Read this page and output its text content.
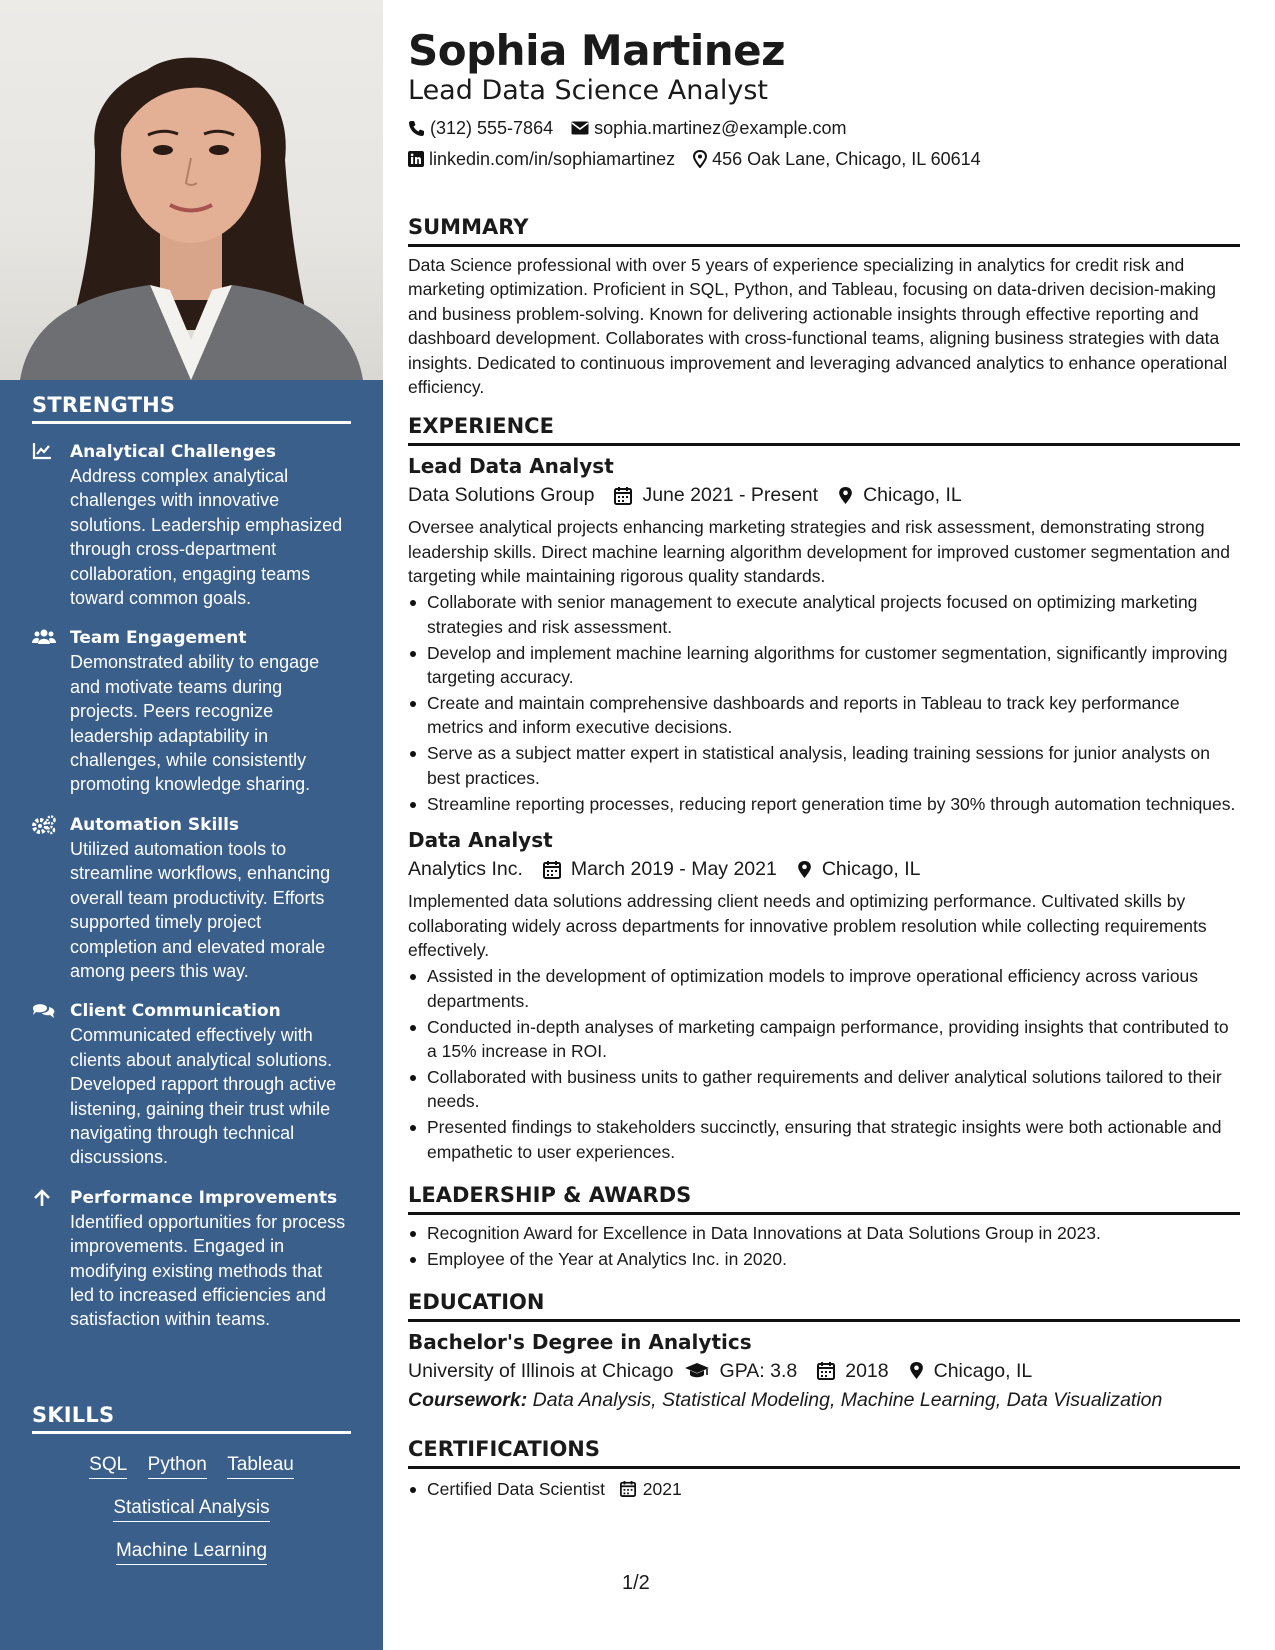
STRENGTHS
Analytical Challenges
Address complex analytical challenges with innovative solutions. Leadership emphasized through cross-department collaboration, engaging teams toward common goals.
Team Engagement
Demonstrated ability to engage and motivate teams during projects. Peers recognize leadership adaptability in challenges, while consistently promoting knowledge sharing.
Automation Skills
Utilized automation tools to streamline workflows, enhancing overall team productivity. Efforts supported timely project completion and elevated morale among peers this way.
Client Communication
Communicated effectively with clients about analytical solutions. Developed rapport through active listening, gaining their trust while navigating through technical discussions.
Performance Improvements
Identified opportunities for process improvements. Engaged in modifying existing methods that led to increased efficiencies and satisfaction within teams.
SKILLS
SQL Python Tableau
Statistical Analysis
Machine Learning
Sophia Martinez
Lead Data Science Analyst
(312) 555-7864 sophia.martinez@example.com
linkedin.com/in/sophiamartinez 456 Oak Lane, Chicago, IL 60614
SUMMARY

Data Science professional with over 5 years of experience specializing in analytics for credit risk and marketing optimization. Proficient in SQL, Python, and Tableau, focusing on data-driven decision-making and business problem-solving. Known for delivering actionable insights through effective reporting and dashboard development. Collaborates with cross-functional teams, aligning business strategies with data insights. Dedicated to continuous improvement and leveraging advanced analytics to enhance operational efficiency.

EXPERIENCE
Lead Data Analyst
Data Solutions Group June 2021 - Present Chicago, IL

Oversee analytical projects enhancing marketing strategies and risk assessment, demonstrating strong leadership skills. Direct machine learning algorithm development for improved customer segmentation and targeting while maintaining rigorous quality standards.

Collaborate with senior management to execute analytical projects focused on optimizing marketing strategies and risk assessment.
Develop and implement machine learning algorithms for customer segmentation, significantly improving targeting accuracy.
Create and maintain comprehensive dashboards and reports in Tableau to track key performance metrics and inform executive decisions.
Serve as a subject matter expert in statistical analysis, leading training sessions for junior analysts on best practices.
Streamline reporting processes, reducing report generation time by 30% through automation techniques.
Data Analyst
Analytics Inc. March 2019 - May 2021 Chicago, IL

Implemented data solutions addressing client needs and optimizing performance. Cultivated skills by collaborating widely across departments for innovative problem resolution while collecting requirements effectively.

Assisted in the development of optimization models to improve operational efficiency across various departments.
Conducted in-depth analyses of marketing campaign performance, providing insights that contributed to a 15% increase in ROI.
Collaborated with business units to gather requirements and deliver analytical solutions tailored to their needs.
Presented findings to stakeholders succinctly, ensuring that strategic insights were both actionable and empathetic to user experiences.
LEADERSHIP & AWARDS
Recognition Award for Excellence in Data Innovations at Data Solutions Group in 2023.
Employee of the Year at Analytics Inc. in 2020.
EDUCATION
Bachelor's Degree in Analytics
University of Illinois at Chicago GPA: 3.8 2018 Chicago, IL
Coursework: Data Analysis, Statistical Modeling, Machine Learning, Data Visualization
CERTIFICATIONS
Certified Data Scientist 2021
1/2
